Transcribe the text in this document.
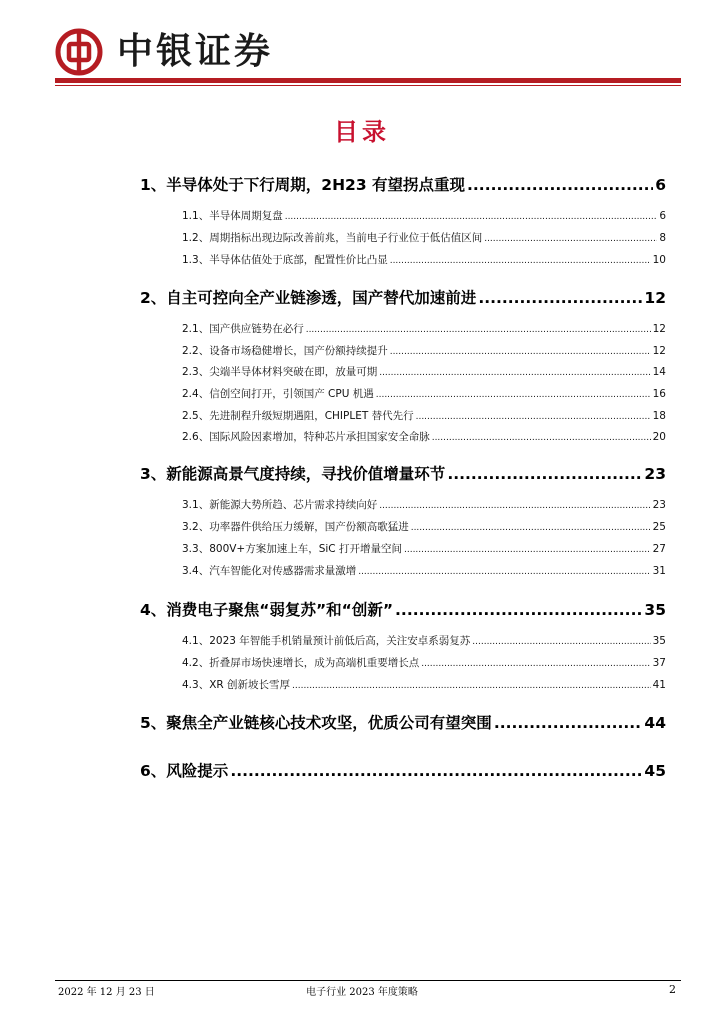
中银证券
目录
1、 半导体处于下行周期，2H23 有望拐点重现 .....	6
1.1、 半导体周期复盘 .....	6
1.2、 周期指标出现边际改善前兆，当前电子行业位于低估值区间 .....	8
1.3、 半导体估值处于底部，配置性价比凸显 .....	10
2、 自主可控向全产业链渗透，国产替代加速前进 .....	12
2.1、 国产供应链势在必行 .....	12
2.2、 设备市场稳健增长，国产份额持续提升 .....	12
2.3、 尖端半导体材料突破在即，放量可期 .....	14
2.4、 信创空间打开，引领国产 CPU 机遇 .....	16
2.5、 先进制程升级短期遇阻，CHIPLET 替代先行 .....	18
2.6、 国际风险因素增加，特种芯片承担国家安全命脉 .....	20
3、 新能源高景气度持续，寻找价值增量环节 .....	23
3.1、 新能源大势所趋、芯片需求持续向好 .....	23
3.2、 功率器件供给压力缓解，国产份额高歌猛进 .....	25
3.3、 800V+方案加速上车，SiC 打开增量空间 .....	27
3.4、 汽车智能化对传感器需求量激增 .....	31
4、 消费电子聚焦“弱复苏”和“创新” .....	35
4.1、 2023 年智能手机销量预计前低后高，关注安卓系弱复苏 .....	35
4.2、 折叠屏市场快速增长，成为高端机重要增长点 .....	37
4.3、 XR 创新坡长雪厚 .....	41
5、 聚焦全产业链核心技术攻坚，优质公司有望突围 .....	44
6、 风险提示 .....	45
2022 年 12 月 23 日	电子行业 2023 年度策略	2
